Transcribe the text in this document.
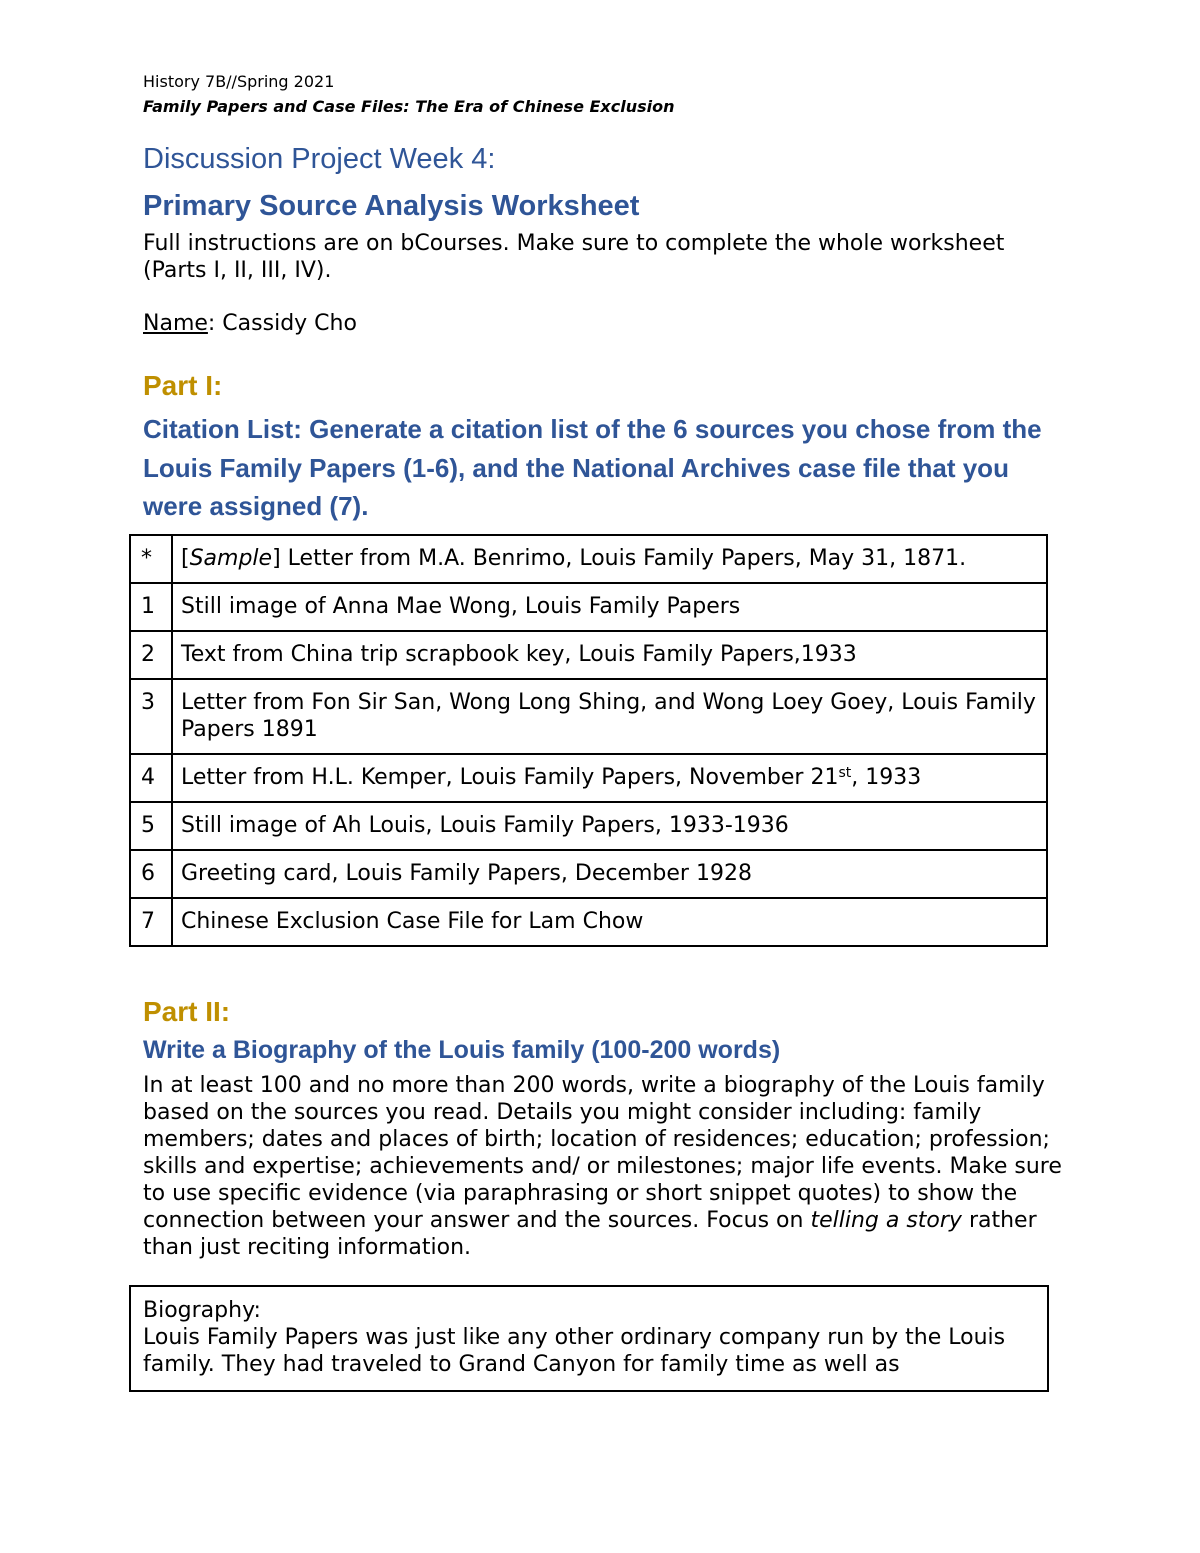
History 7B//Spring 2021
Family Papers and Case Files: The Era of Chinese Exclusion
Discussion Project Week 4:
Primary Source Analysis Worksheet
Full instructions are on bCourses. Make sure to complete the whole worksheet (Parts I, II, III, IV).
Name: Cassidy Cho
Part I:
Citation List: Generate a citation list of the 6 sources you chose from the Louis Family Papers (1-6), and the National Archives case file that you were assigned (7).
*	[Sample] Letter from M.A. Benrimo, Louis Family Papers, May 31, 1871.
1	Still image of Anna Mae Wong, Louis Family Papers
2	Text from China trip scrapbook key, Louis Family Papers,1933
3	Letter from Fon Sir San, Wong Long Shing, and Wong Loey Goey, Louis Family Papers 1891
4	Letter from H.L. Kemper, Louis Family Papers, November 21st, 1933
5	Still image of Ah Louis, Louis Family Papers, 1933-1936
6	Greeting card, Louis Family Papers, December 1928
7	Chinese Exclusion Case File for Lam Chow
Part II:
Write a Biography of the Louis family (100-200 words)
In at least 100 and no more than 200 words, write a biography of the Louis family based on the sources you read. Details you might consider including: family members; dates and places of birth; location of residences; education; profession; skills and expertise; achievements and/ or milestones; major life events. Make sure to use specific evidence (via paraphrasing or short snippet quotes) to show the connection between your answer and the sources. Focus on telling a story rather than just reciting information.
Biography:
Louis Family Papers was just like any other ordinary company run by the Louis family. They had traveled to Grand Canyon for family time as well as
